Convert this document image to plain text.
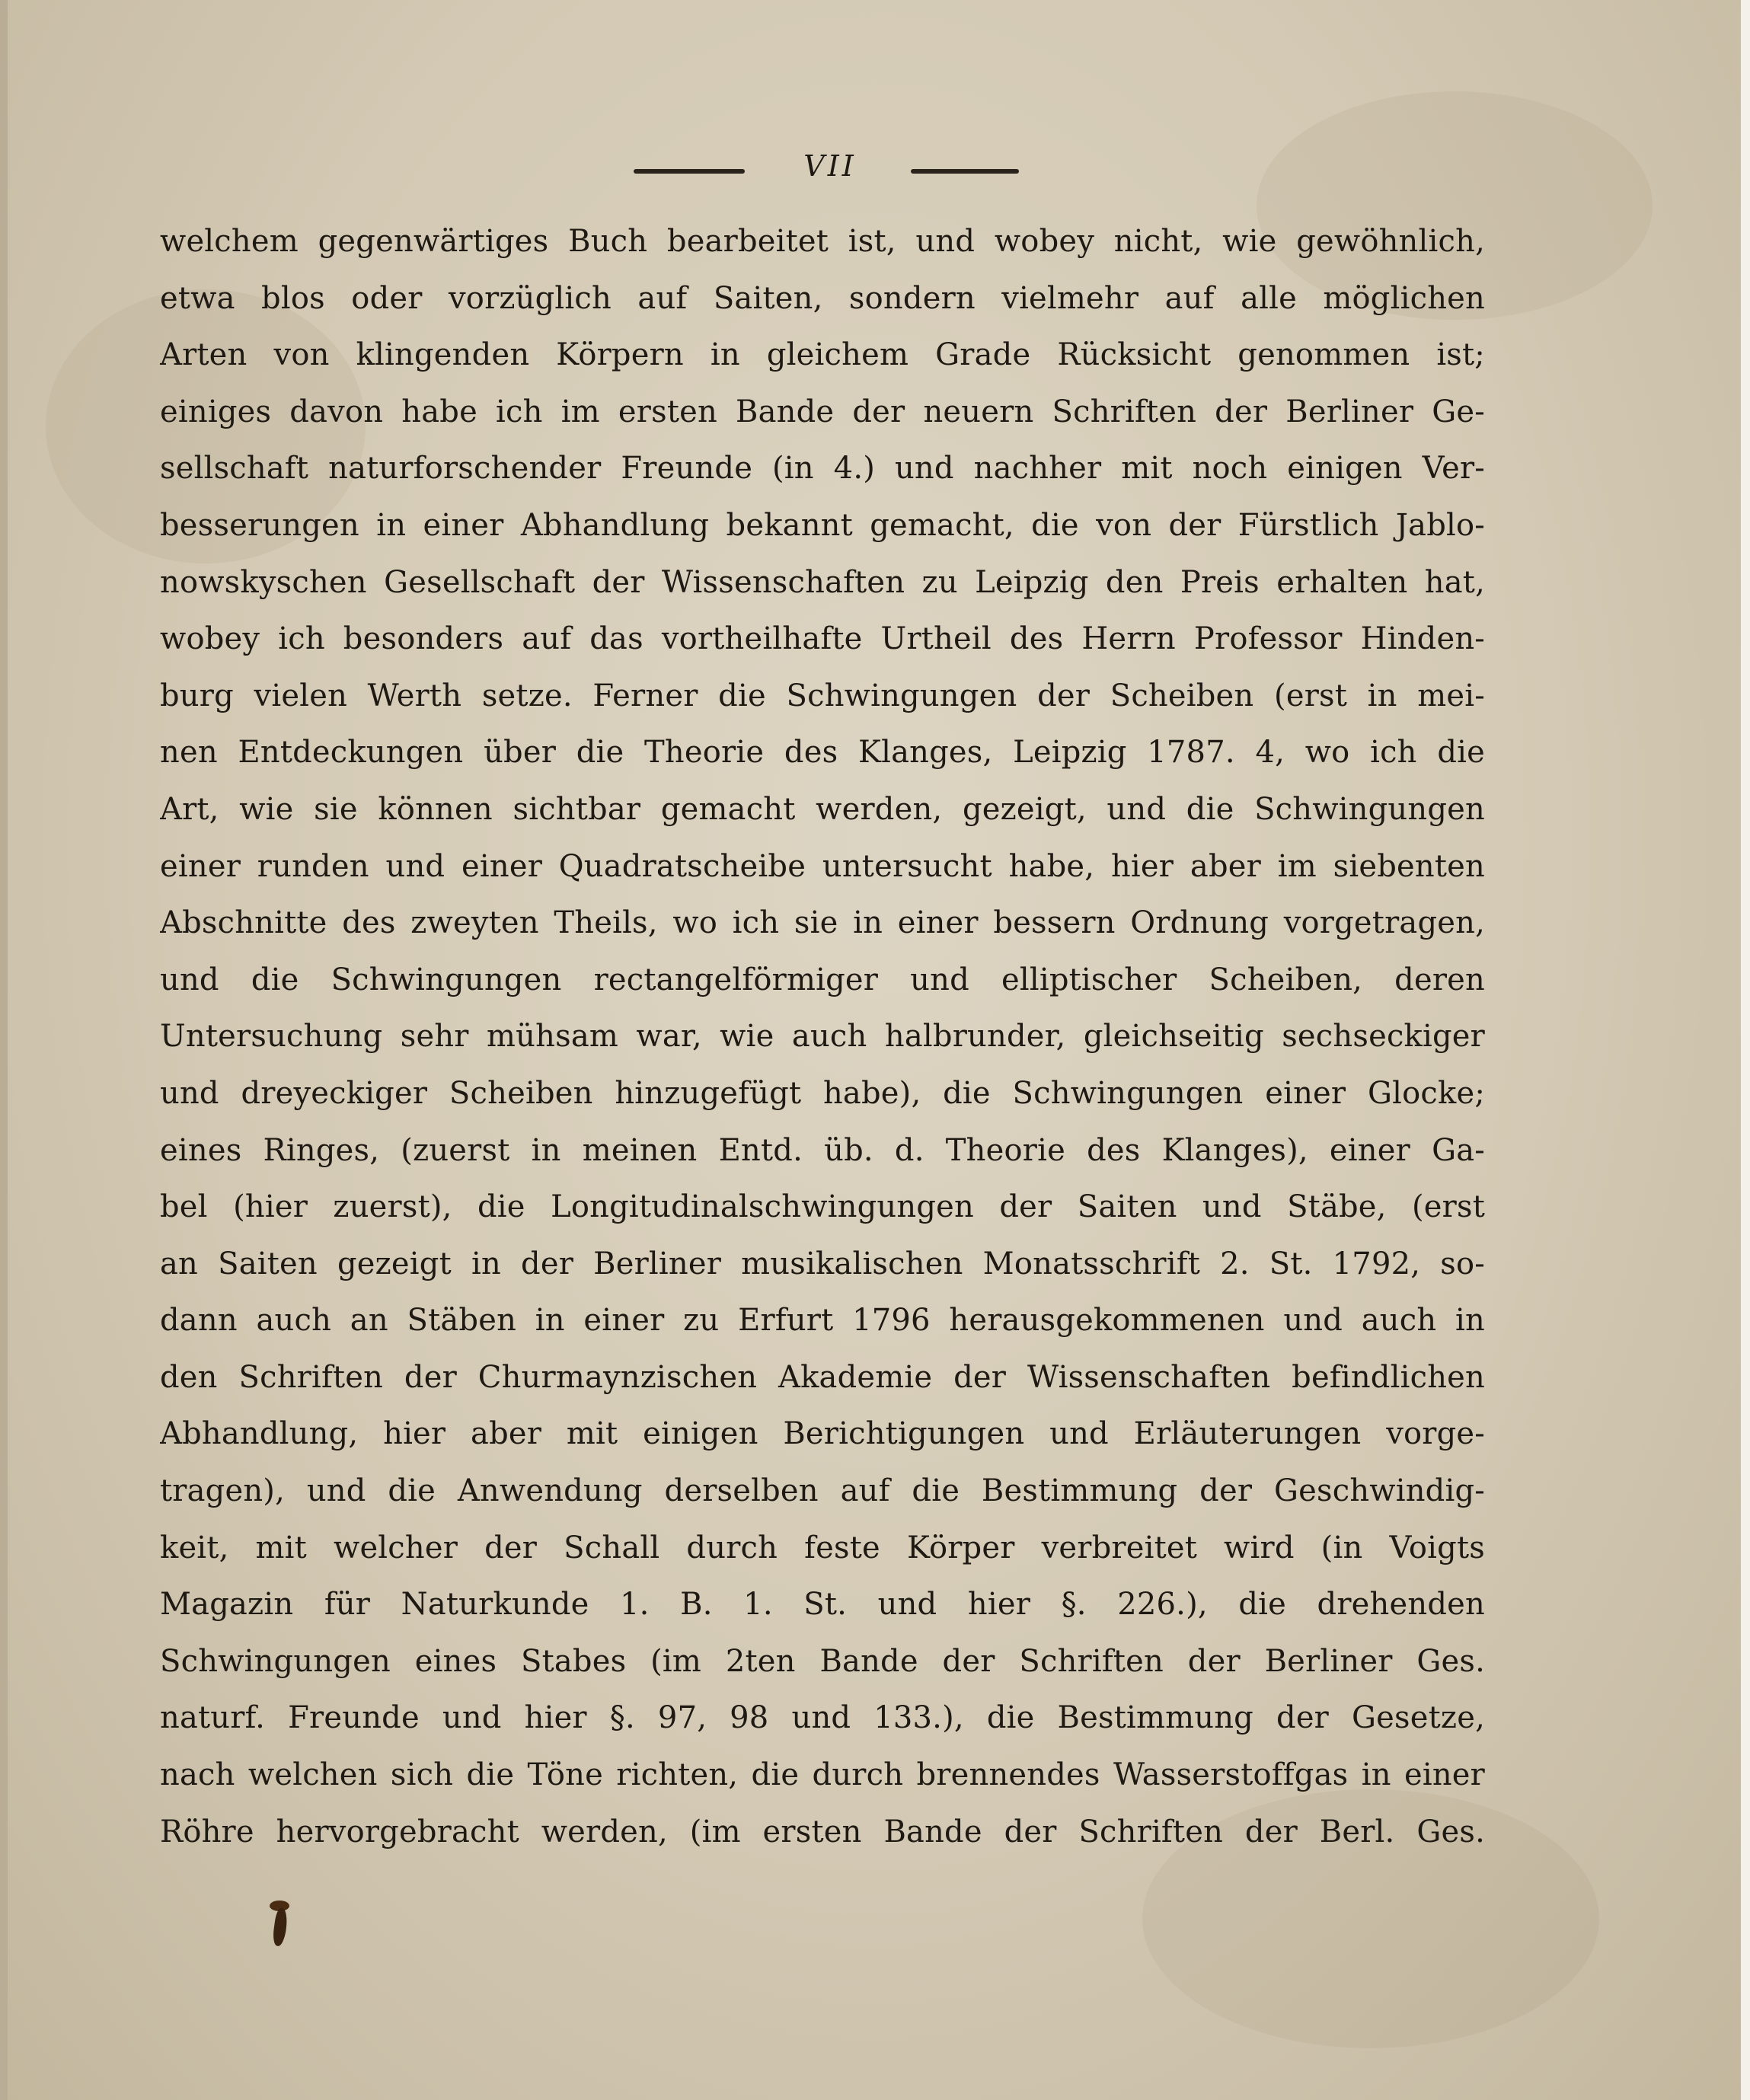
VII
welchem gegenwärtiges Buch bearbeitet ist, und wobey nicht, wie gewöhnlich,
etwa blos oder vorzüglich auf Saiten, sondern vielmehr auf alle möglichen
Arten von klingenden Körpern in gleichem Grade Rücksicht genommen ist;
einiges davon habe ich im ersten Bande der neuern Schriften der Berliner Ge-
sellschaft naturforschender Freunde (in 4.) und nachher mit noch einigen Ver-
besserungen in einer Abhandlung bekannt gemacht, die von der Fürstlich Jablo-
nowskyschen Gesellschaft der Wissenschaften zu Leipzig den Preis erhalten hat,
wobey ich besonders auf das vortheilhafte Urtheil des Herrn Professor Hinden-
burg vielen Werth setze. Ferner die Schwingungen der Scheiben (erst in mei-
nen Entdeckungen über die Theorie des Klanges, Leipzig 1787. 4, wo ich die
Art, wie sie können sichtbar gemacht werden, gezeigt, und die Schwingungen
einer runden und einer Quadratscheibe untersucht habe, hier aber im siebenten
Abschnitte des zweyten Theils, wo ich sie in einer bessern Ordnung vorgetragen,
und die Schwingungen rectangelförmiger und elliptischer Scheiben, deren
Untersuchung sehr mühsam war, wie auch halbrunder, gleichseitig sechseckiger
und dreyeckiger Scheiben hinzugefügt habe), die Schwingungen einer Glocke;
eines Ringes, (zuerst in meinen Entd. üb. d. Theorie des Klanges), einer Ga-
bel (hier zuerst), die Longitudinalschwingungen der Saiten und Stäbe, (erst
an Saiten gezeigt in der Berliner musikalischen Monatsschrift 2. St. 1792, so-
dann auch an Stäben in einer zu Erfurt 1796 herausgekommenen und auch in
den Schriften der Churmaynzischen Akademie der Wissenschaften befindlichen
Abhandlung, hier aber mit einigen Berichtigungen und Erläuterungen vorge-
tragen), und die Anwendung derselben auf die Bestimmung der Geschwindig-
keit, mit welcher der Schall durch feste Körper verbreitet wird (in Voigts
Magazin für Naturkunde 1. B. 1. St. und hier §. 226.), die drehenden
Schwingungen eines Stabes (im 2ten Bande der Schriften der Berliner Ges.
naturf. Freunde und hier §. 97, 98 und 133.), die Bestimmung der Gesetze,
nach welchen sich die Töne richten, die durch brennendes Wasserstoffgas in einer
Röhre hervorgebracht werden, (im ersten Bande der Schriften der Berl. Ges.
